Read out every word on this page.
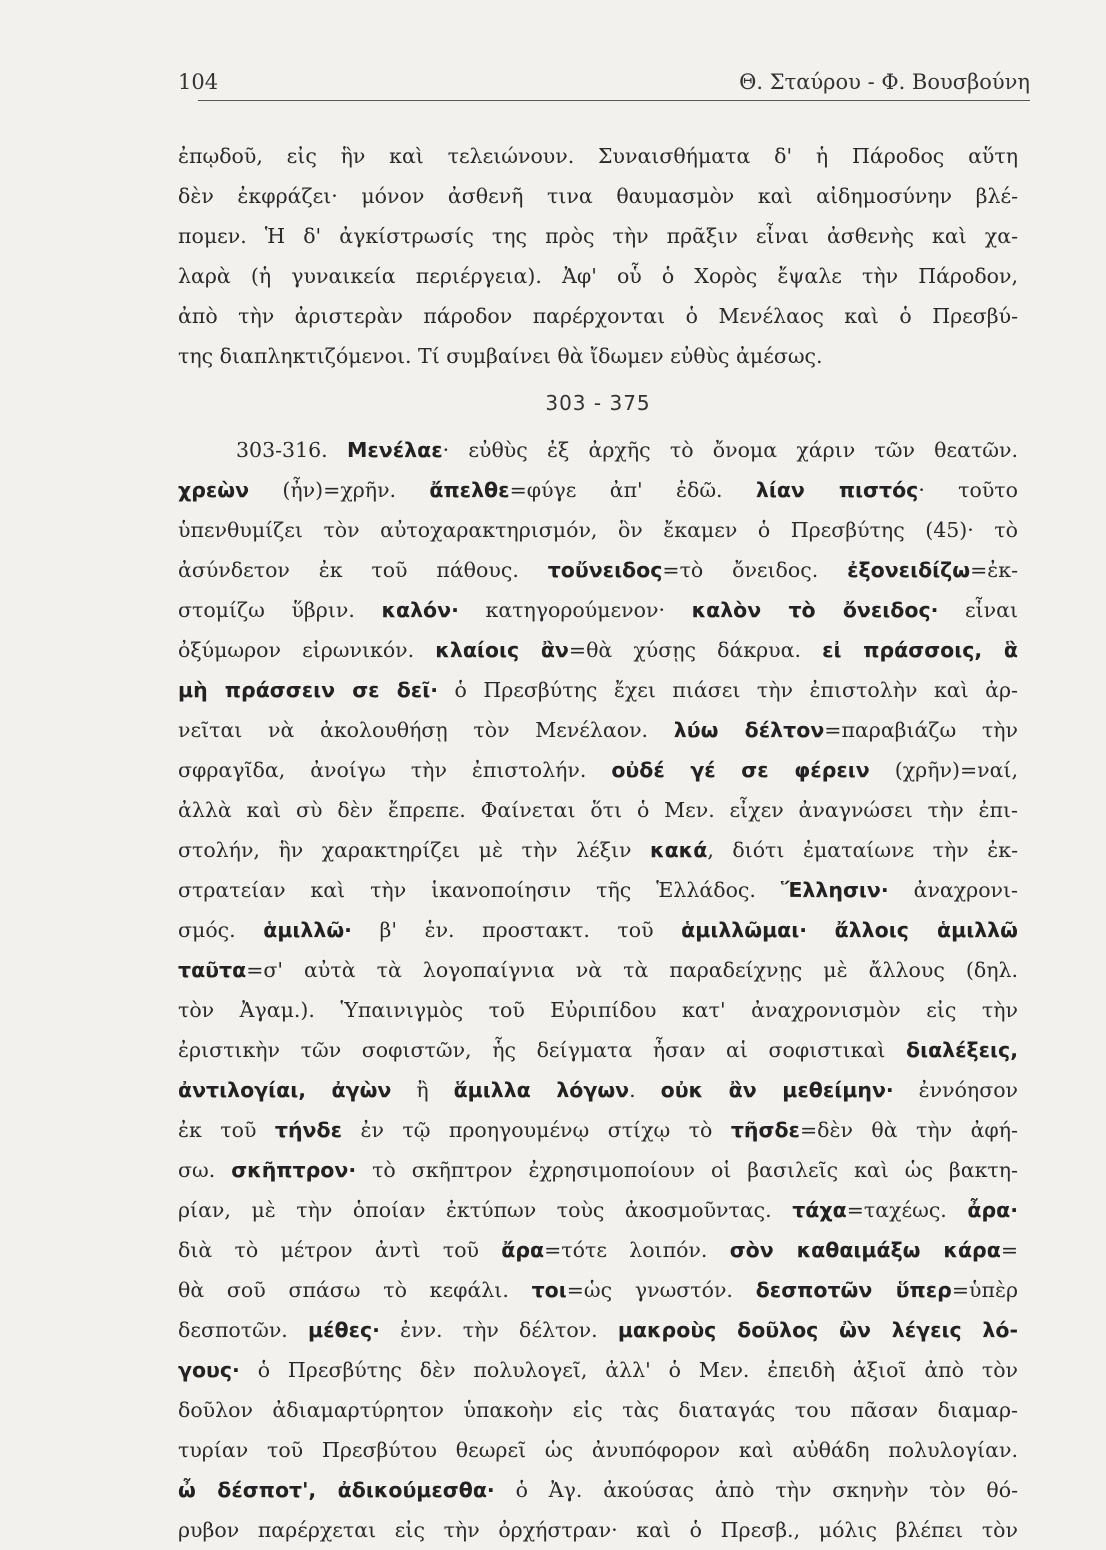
104	Θ. Σταύρου - Φ. Βουσβούνη
ἐπῳδοῦ, εἰς ἣν καὶ τελειώνουν. Συναισθήματα δ' ἡ Πάροδος αὕτη
δὲν ἐκφράζει· μόνον ἀσθενῆ τινα θαυμασμὸν καὶ αἰδημοσύνην βλέ-
πομεν. Ἡ δ' ἀγκίστρωσίς της πρὸς τὴν πρᾶξιν εἶναι ἀσθενὴς καὶ χα-
λαρὰ (ἡ γυναικεία περιέργεια). Ἀφ' οὗ ὁ Χορὸς ἔψαλε τὴν Πάροδον,
ἀπὸ τὴν ἀριστερὰν πάροδον παρέρχονται ὁ Μενέλαος καὶ ὁ Πρεσβύ-
της διαπληκτιζόμενοι. Τί συμβαίνει θὰ ἴδωμεν εὐθὺς ἀμέσως.
303 - 375
303-316. Μενέλαε· εὐθὺς ἐξ ἀρχῆς τὸ ὄνομα χάριν τῶν θεατῶν.
χρεὼν (ἦν)=χρῆν. ἄπελθε=φύγε ἀπ' ἐδῶ. λίαν πιστός· τοῦτο
ὑπενθυμίζει τὸν αὐτοχαρακτηρισμόν, ὃν ἔκαμεν ὁ Πρεσβύτης (45)· τὸ
ἀσύνδετον ἐκ τοῦ πάθους. τοὔνειδος=τὸ ὄνειδος. ἐξονειδίζω=ἐκ-
στομίζω ὕβριν. καλόν· κατηγορούμενον· καλὸν τὸ ὄνειδος· εἶναι
ὀξύμωρον εἰρωνικόν. κλαίοις ἂν=θὰ χύσῃς δάκρυα. εἰ πράσσοις, ἃ
μὴ πράσσειν σε δεῖ· ὁ Πρεσβύτης ἔχει πιάσει τὴν ἐπιστολὴν καὶ ἀρ-
νεῖται νὰ ἀκολουθήσῃ τὸν Μενέλαον. λύω δέλτον=παραβιάζω τὴν
σφραγῖδα, ἀνοίγω τὴν ἐπιστολήν. οὐδέ γέ σε φέρειν (χρῆν)=ναί,
ἀλλὰ καὶ σὺ δὲν ἔπρεπε. Φαίνεται ὅτι ὁ Μεν. εἶχεν ἀναγνώσει τὴν ἐπι-
στολήν, ἣν χαρακτηρίζει μὲ τὴν λέξιν κακά, διότι ἐματαίωνε τὴν ἐκ-
στρατείαν καὶ τὴν ἱκανοποίησιν τῆς Ἑλλάδος. Ἕλλησιν· ἀναχρονι-
σμός. ἁμιλλῶ· β' ἑν. προστακτ. τοῦ ἁμιλλῶμαι· ἄλλοις ἁμιλλῶ
ταῦτα=σ' αὐτὰ τὰ λογοπαίγνια νὰ τὰ παραδείχνῃς μὲ ἄλλους (δηλ.
τὸν Ἀγαμ.). Ὑπαινιγμὸς τοῦ Εὐριπίδου κατ' ἀναχρονισμὸν εἰς τὴν
ἐριστικὴν τῶν σοφιστῶν, ἧς δείγματα ἦσαν αἱ σοφιστικαὶ διαλέξεις,
ἀντιλογίαι, ἀγὼν ἢ ἅμιλλα λόγων. οὐκ ἂν μεθείμην· ἐννόησον
ἐκ τοῦ τήνδε ἐν τῷ προηγουμένῳ στίχῳ τὸ τῆσδε=δὲν θὰ τὴν ἀφή-
σω. σκῆπτρον· τὸ σκῆπτρον ἐχρησιμοποίουν οἱ βασιλεῖς καὶ ὡς βακτη-
ρίαν, μὲ τὴν ὁποίαν ἐκτύπων τοὺς ἀκοσμοῦντας. τάχα=ταχέως. ἆρα·
διὰ τὸ μέτρον ἀντὶ τοῦ ἄρα=τότε λοιπόν. σὸν καθαιμάξω κάρα=
θὰ σοῦ σπάσω τὸ κεφάλι. τοι=ὡς γνωστόν. δεσποτῶν ὕπερ=ὑπὲρ
δεσποτῶν. μέθες· ἐνν. τὴν δέλτον. μακροὺς δοῦλος ὢν λέγεις λό-
γους· ὁ Πρεσβύτης δὲν πολυλογεῖ, ἀλλ' ὁ Μεν. ἐπειδὴ ἀξιοῖ ἀπὸ τὸν
δοῦλον ἀδιαμαρτύρητον ὑπακοὴν εἰς τὰς διαταγάς του πᾶσαν διαμαρ-
τυρίαν τοῦ Πρεσβύτου θεωρεῖ ὡς ἀνυπόφορον καὶ αὐθάδη πολυλογίαν.
ὦ δέσποτ', ἀδικούμεσθα· ὁ Ἀγ. ἀκούσας ἀπὸ τὴν σκηνὴν τὸν θό-
ρυβον παρέρχεται εἰς τὴν ὀρχήστραν· καὶ ὁ Πρεσβ., μόλις βλέπει τὸν
